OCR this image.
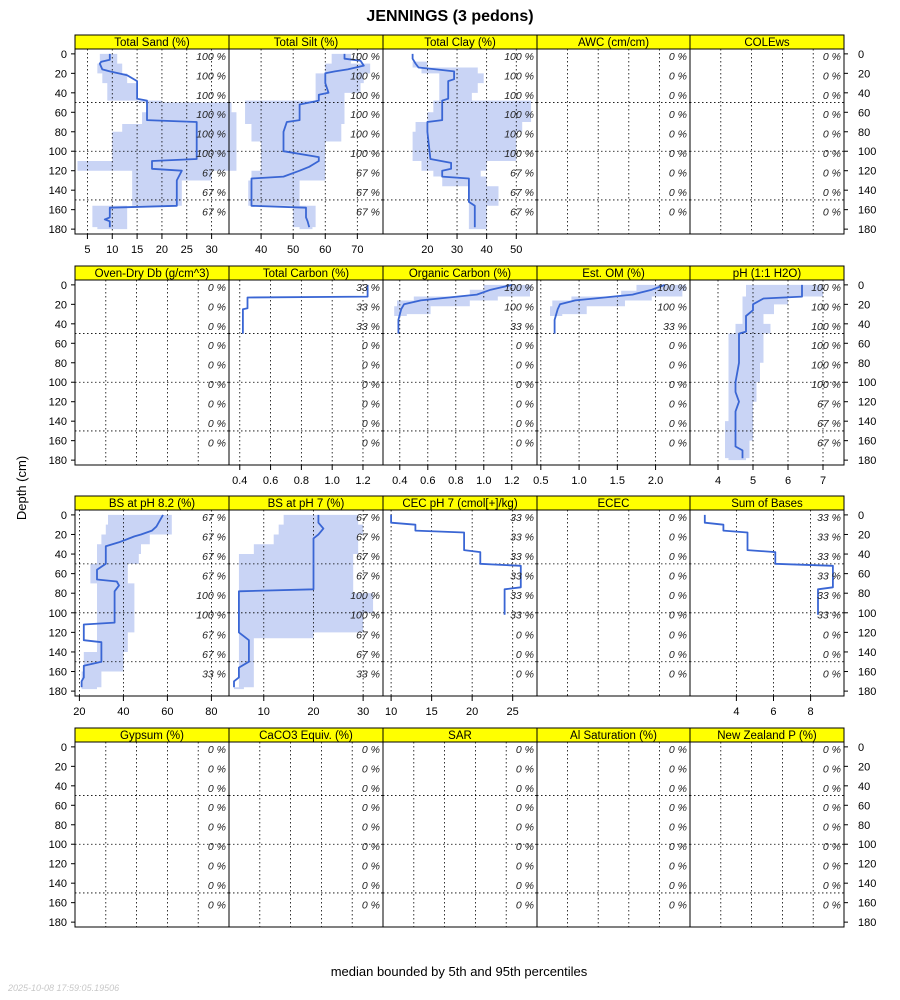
JENNINGS (3 pedons)
Depth (cm)
median bounded by 5th and 95th percentiles
2025-10-08 17:59:05.19506
0	0
20	20
40	40
60	60
80	80
100	100
120	120
140	140
160	160
180	180
Total Sand (%)
100 %
100 %
100 %
100 %
100 %
100 %
67 %
67 %
67 %
5 10 15 20 25 30
Total Silt (%)
100 %
100 %
100 %
100 %
100 %
100 %
67 %
67 %
67 %
40 50 60 70
Total Clay (%)
100 %
100 %
100 %
100 %
100 %
100 %
67 %
67 %
67 %
20 30 40 50
AWC (cm/cm)
0 %
0 %
0 %
0 %
0 %
0 %
0 %
0 %
0 %
COLEws
0 %
0 %
0 %
0 %
0 %
0 %
0 %
0 %
0 %
0	0
20	20
40	40
60	60
80	80
100	100
120	120
140	140
160	160
180	180
Oven-Dry Db (g/cm^3)
0 %
0 %
0 %
0 %
0 %
0 %
0 %
0 %
0 %
Total Carbon (%)
33 %
33 %
33 %
0 %
0 %
0 %
0 %
0 %
0 %
0.4 0.6 0.8 1.0 1.2
Organic Carbon (%)
100 %
100 %
33 %
0 %
0 %
0 %
0 %
0 %
0 %
0.4 0.6 0.8 1.0 1.2
Est. OM (%)
100 %
100 %
33 %
0 %
0 %
0 %
0 %
0 %
0 %
0.5 1.0 1.5 2.0
pH (1:1 H2O)
100 %
100 %
100 %
100 %
100 %
100 %
67 %
67 %
67 %
4	5	6	7
0	0
20	20
40	40
60	60
80	80
100	100
120	120
140	140
160	160
180	180
BS at pH 8.2 (%)
67 %
67 %
67 %
67 %
100 %
100 %
67 %
67 %
33 %
20	40	60	80
BS at pH 7 (%)
67 %
67 %
67 %
67 %
100 %
100 %
67 %
67 %
33 %
10	20	30
CEC pH 7 (cmol[+]/kg)
33 %
33 %
33 %
33 %
33 %
33 %
0 %
0 %
0 %
10	15	20	25
ECEC
0 %
0 %
0 %
0 %
0 %
0 %
0 %
0 %
0 %
Sum of Bases
33 %
33 %
33 %
33 %
33 %
33 %
0 %
0 %
0 %
4	6	8
0	0
20	20
40	40
60	60
80	80
100	100
120	120
140	140
160	160
180	180
Gypsum (%)
0 %
0 %
0 %
0 %
0 %
0 %
0 %
0 %
0 %
CaCO3 Equiv. (%)
0 %
0 %
0 %
0 %
0 %
0 %
0 %
0 %
0 %
SAR
0 %
0 %
0 %
0 %
0 %
0 %
0 %
0 %
0 %
Al Saturation (%)
0 %
0 %
0 %
0 %
0 %
0 %
0 %
0 %
0 %
New Zealand P (%)
0 %
0 %
0 %
0 %
0 %
0 %
0 %
0 %
0 %
